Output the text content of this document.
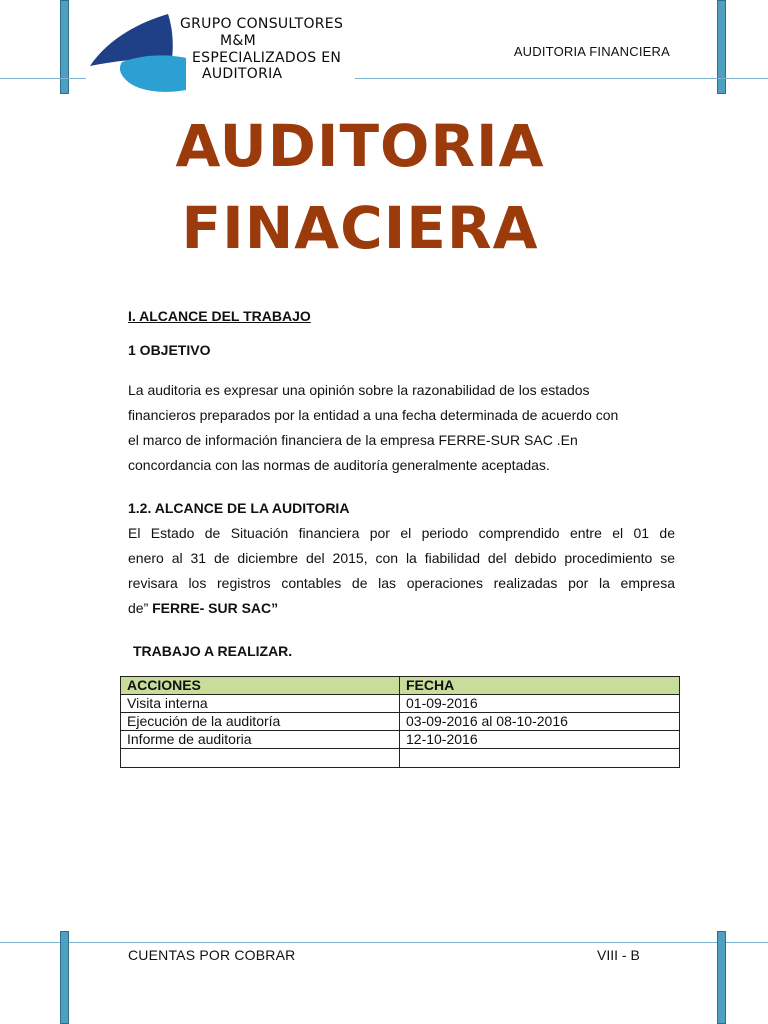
GRUPO CONSULTORES
M&M
ESPECIALIZADOS EN
AUDITORIA
AUDITORIA FINANCIERA
AUDITORIA
FINACIERA
I. ALCANCE DEL TRABAJO
1 OBJETIVO

La auditoria es expresar una opinión sobre la razonabilidad de los estados

financieros preparados por la entidad a una fecha determinada de acuerdo con

el marco de información financiera de la empresa FERRE-SUR SAC .En

concordancia con las normas de auditoría generalmente aceptadas.

1.2. ALCANCE DE LA AUDITORIA

El Estado de Situación financiera por el periodo comprendido entre el 01 de

enero al 31 de diciembre del 2015, con la fiabilidad del debido procedimiento se

revisara los registros contables de las operaciones realizadas por la empresa

de” FERRE- SUR SAC”

TRABAJO A REALIZAR.
ACCIONES	FECHA
Visita interna	01-09-2016
Ejecución de la auditoría	03-09-2016 al 08-10-2016
Informe de auditoria	12-10-2016

CUENTAS POR COBRAR	VIII - B
